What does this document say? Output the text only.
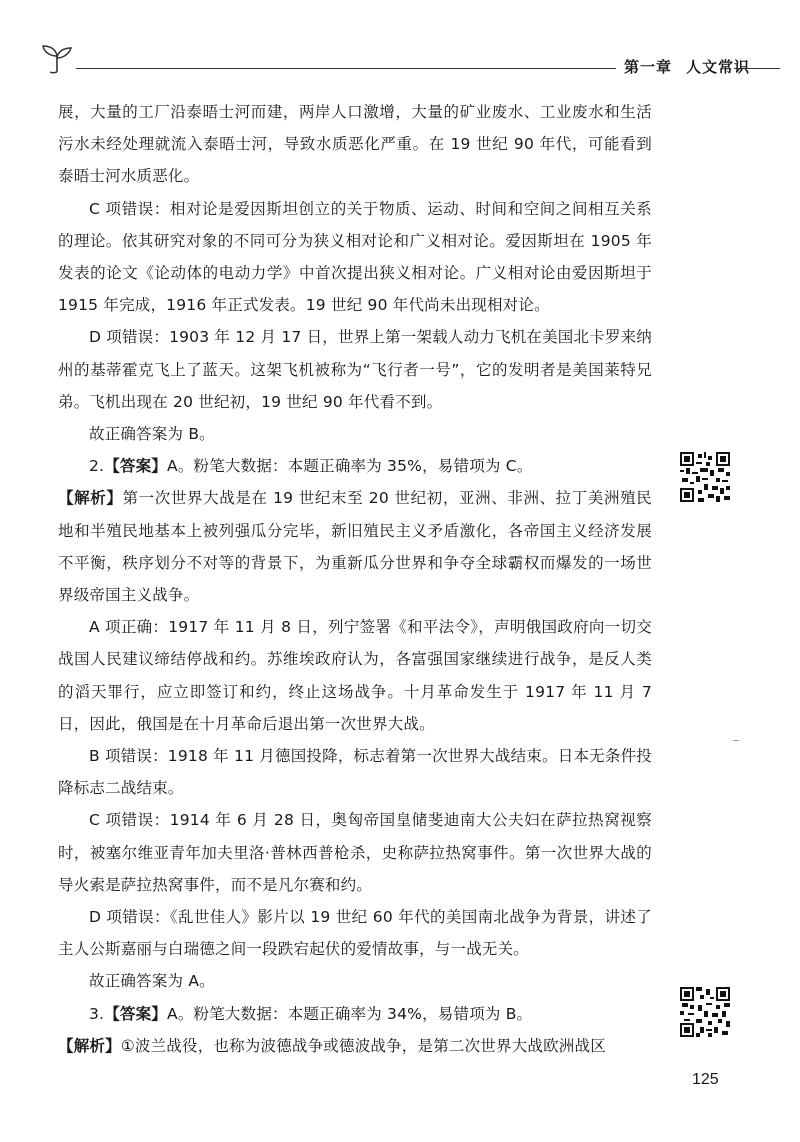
第一章 人文常识

展，大量的工厂沿泰晤士河而建，两岸人口激增，大量的矿业废水、工业废水和生活污水未经处理就流入泰晤士河，导致水质恶化严重。在 19 世纪 90 年代，可能看到泰晤士河水质恶化。

C 项错误：相对论是爱因斯坦创立的关于物质、运动、时间和空间之间相互关系的理论。依其研究对象的不同可分为狭义相对论和广义相对论。爱因斯坦在 1905 年发表的论文《论动体的电动力学》中首次提出狭义相对论。广义相对论由爱因斯坦于 1915 年完成，1916 年正式发表。19 世纪 90 年代尚未出现相对论。

D 项错误：1903 年 12 月 17 日，世界上第一架载人动力飞机在美国北卡罗来纳州的基蒂霍克飞上了蓝天。这架飞机被称为“飞行者一号”，它的发明者是美国莱特兄弟。飞机出现在 20 世纪初，19 世纪 90 年代看不到。

故正确答案为 B。

2.【答案】A。粉笔大数据：本题正确率为 35%，易错项为 C。

【解析】第一次世界大战是在 19 世纪末至 20 世纪初，亚洲、非洲、拉丁美洲殖民地和半殖民地基本上被列强瓜分完毕，新旧殖民主义矛盾激化，各帝国主义经济发展不平衡，秩序划分不对等的背景下，为重新瓜分世界和争夺全球霸权而爆发的一场世界级帝国主义战争。

A 项正确：1917 年 11 月 8 日，列宁签署《和平法令》，声明俄国政府向一切交战国人民建议缔结停战和约。苏维埃政府认为，各富强国家继续进行战争，是反人类的滔天罪行，应立即签订和约，终止这场战争。十月革命发生于 1917 年 11 月 7 日，因此，俄国是在十月革命后退出第一次世界大战。

B 项错误：1918 年 11 月德国投降，标志着第一次世界大战结束。日本无条件投降标志二战结束。

C 项错误：1914 年 6 月 28 日，奥匈帝国皇储斐迪南大公夫妇在萨拉热窝视察时，被塞尔维亚青年加夫里洛·普林西普枪杀，史称萨拉热窝事件。第一次世界大战的导火索是萨拉热窝事件，而不是凡尔赛和约。

D 项错误：《乱世佳人》影片以 19 世纪 60 年代的美国南北战争为背景，讲述了主人公斯嘉丽与白瑞德之间一段跌宕起伏的爱情故事，与一战无关。

故正确答案为 A。

3.【答案】A。粉笔大数据：本题正确率为 34%，易错项为 B。

【解析】①波兰战役，也称为波德战争或德波战争，是第二次世界大战欧洲战区

125
